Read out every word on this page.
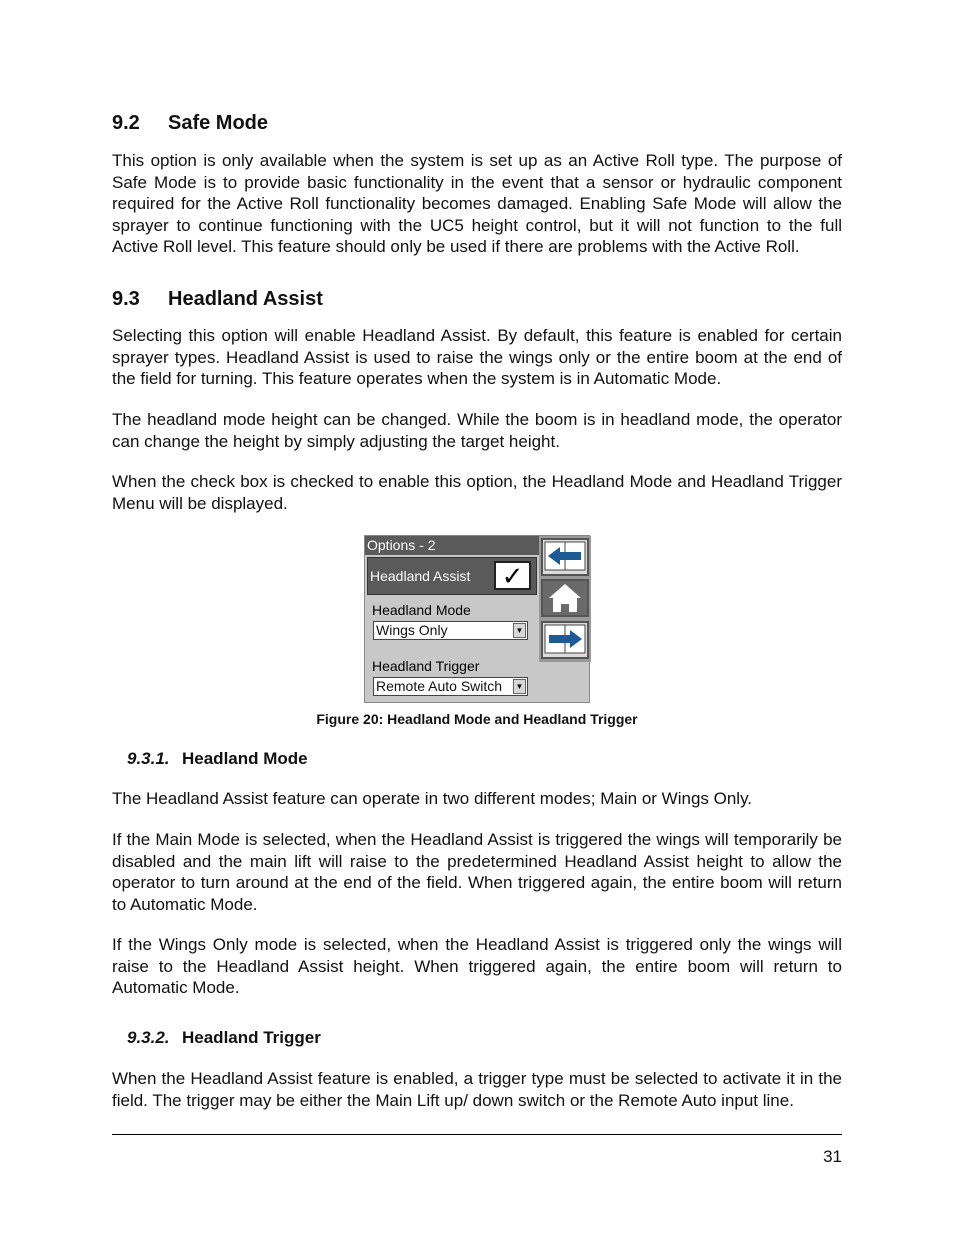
9.2 Safe Mode

This option is only available when the system is set up as an Active Roll type. The purpose of Safe Mode is to provide basic functionality in the event that a sensor or hydraulic component required for the Active Roll functionality becomes damaged. Enabling Safe Mode will allow the sprayer to continue functioning with the UC5 height control, but it will not function to the full Active Roll level. This feature should only be used if there are problems with the Active Roll.

9.3 Headland Assist

Selecting this option will enable Headland Assist. By default, this feature is enabled for certain sprayer types. Headland Assist is used to raise the wings only or the entire boom at the end of the field for turning. This feature operates when the system is in Automatic Mode.

The headland mode height can be changed. While the boom is in headland mode, the operator can change the height by simply adjusting the target height.

When the check box is checked to enable this option, the Headland Mode and Headland Trigger Menu will be displayed.

Options - 2
Headland Assist ✓
Headland Mode
Wings Only	▼
Headland Trigger
Remote Auto Switch	▼
Figure 20: Headland Mode and Headland Trigger
9.3.1. Headland Mode

The Headland Assist feature can operate in two different modes; Main or Wings Only.

If the Main Mode is selected, when the Headland Assist is triggered the wings will temporarily be disabled and the main lift will raise to the predetermined Headland Assist height to allow the operator to turn around at the end of the field. When triggered again, the entire boom will return to Automatic Mode.

If the Wings Only mode is selected, when the Headland Assist is triggered only the wings will raise to the Headland Assist height. When triggered again, the entire boom will return to Automatic Mode.

9.3.2. Headland Trigger

When the Headland Assist feature is enabled, a trigger type must be selected to activate it in the field. The trigger may be either the Main Lift up/ down switch or the Remote Auto input line.

31
